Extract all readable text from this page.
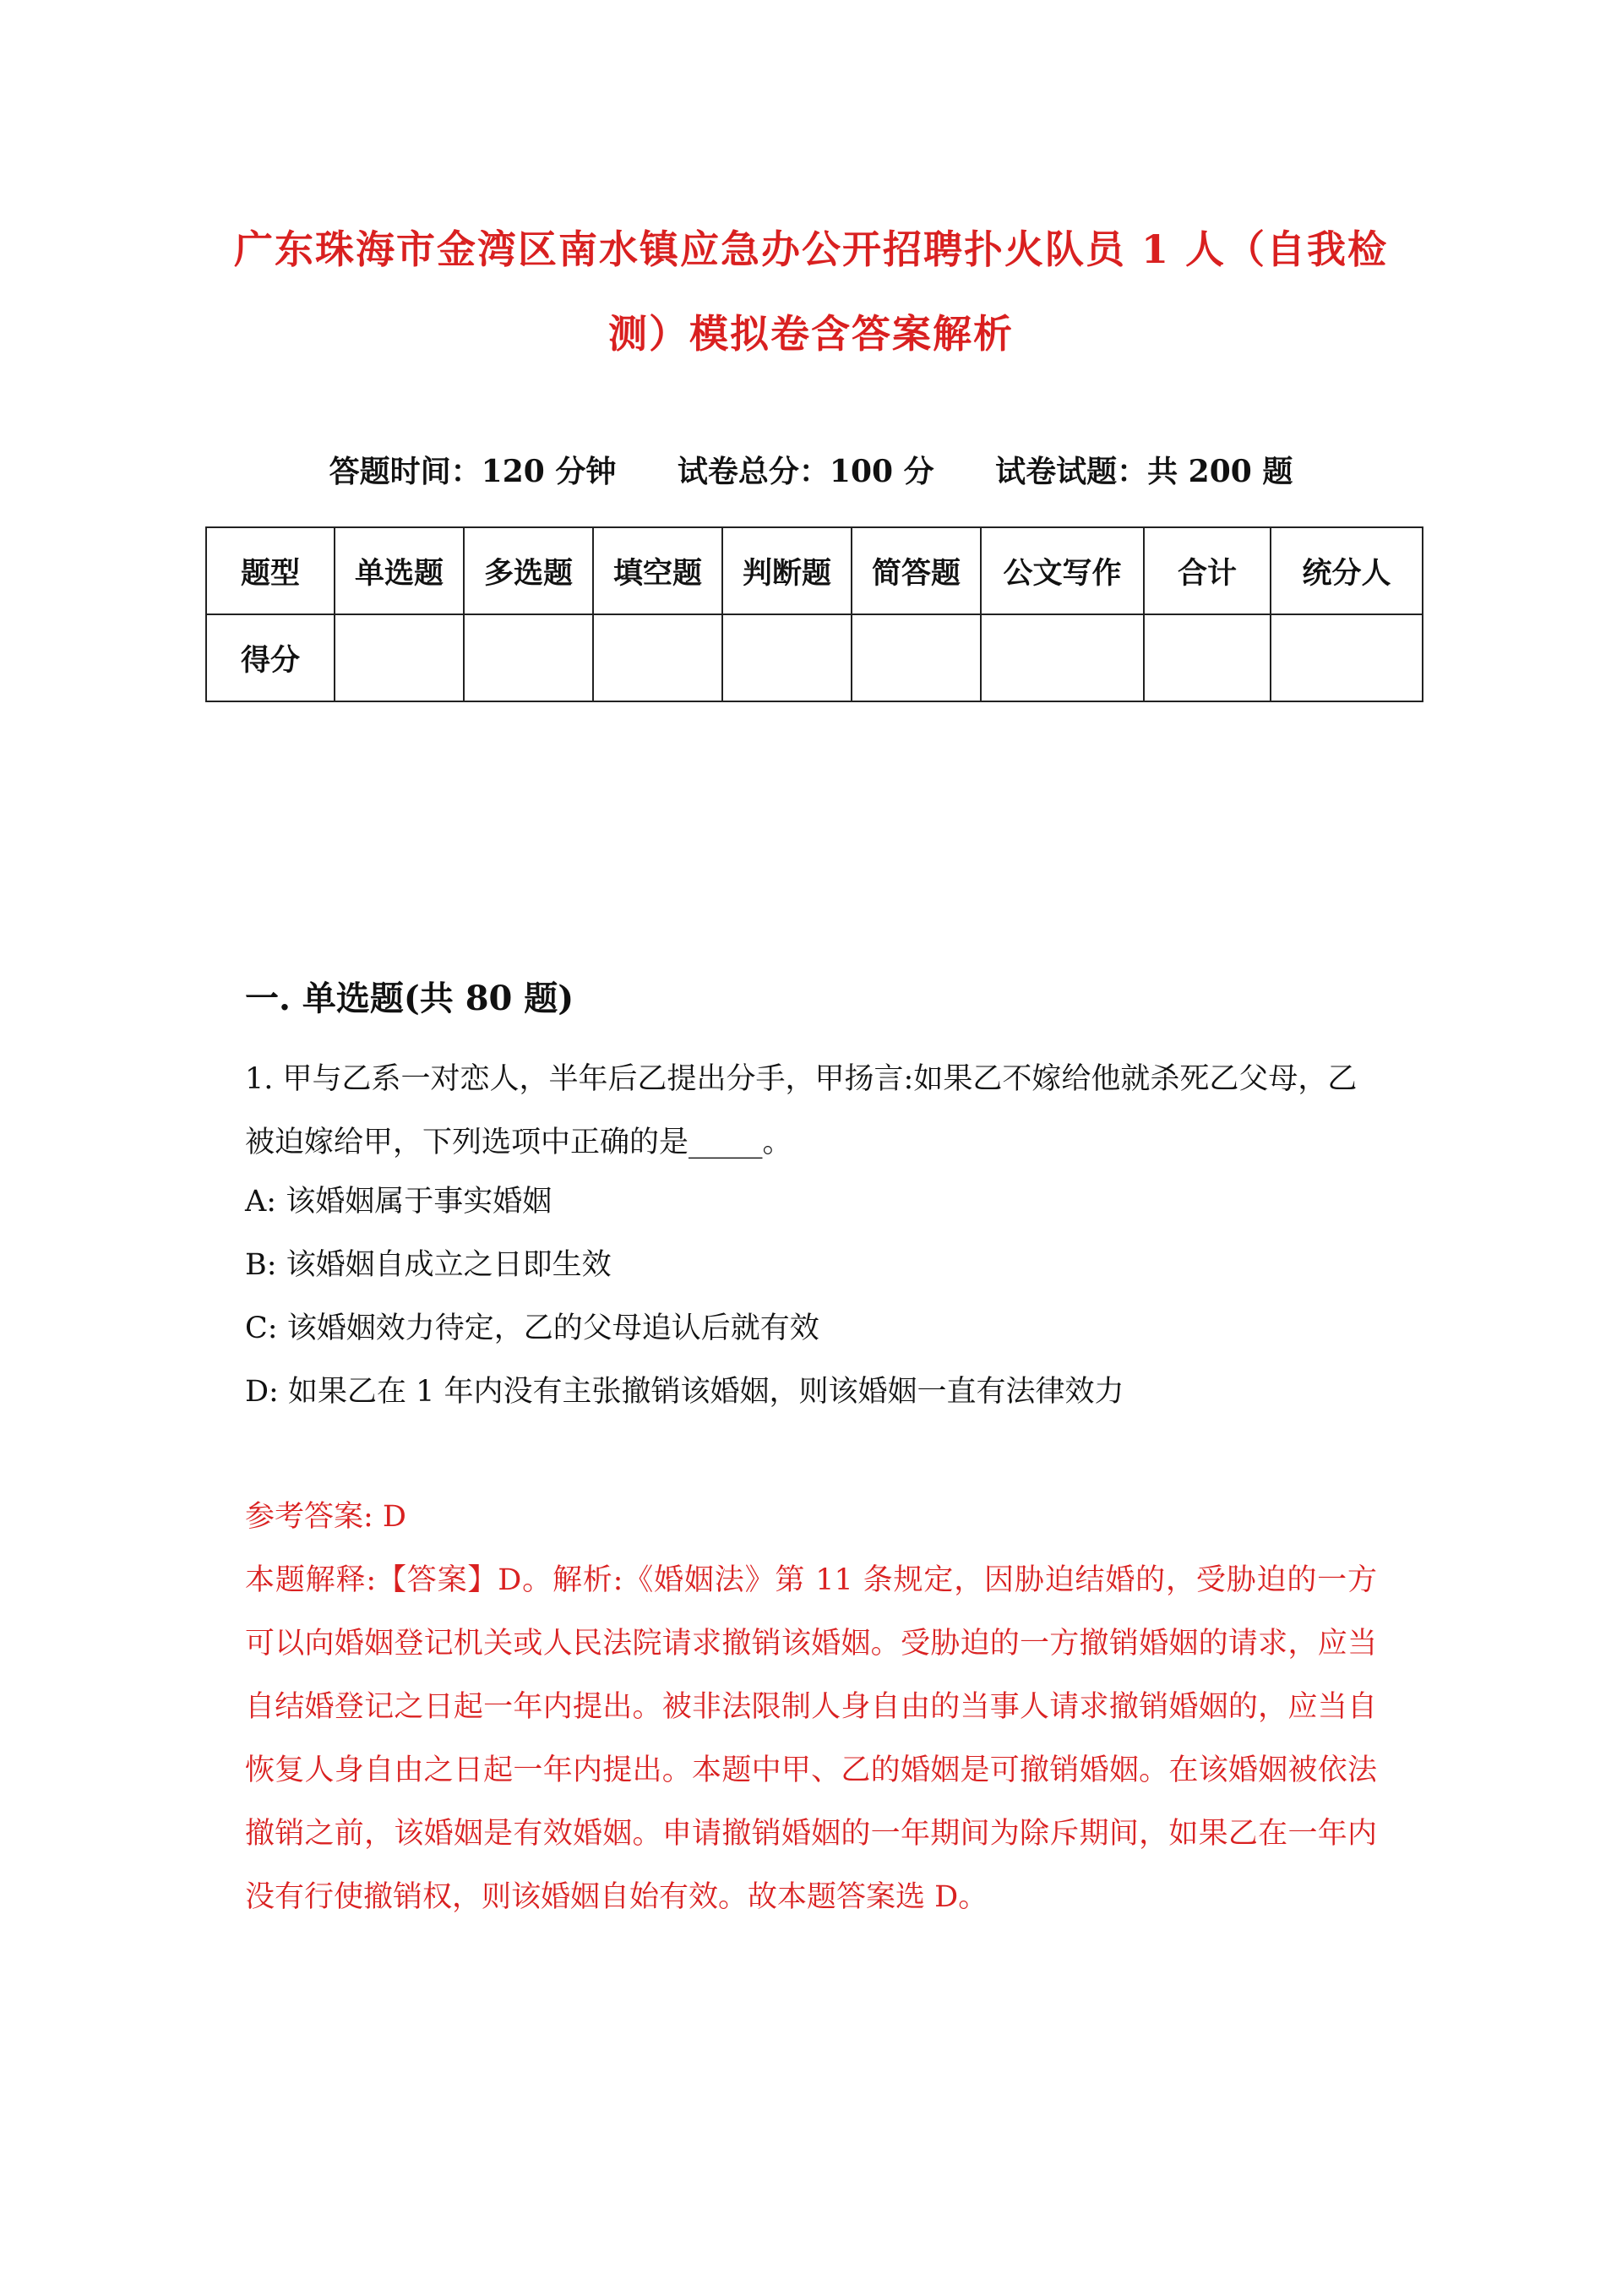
广东珠海市金湾区南水镇应急办公开招聘扑火队员 1 人（自我检
测）模拟卷含答案解析
答题时间：120 分钟 试卷总分：100 分 试卷试题：共 200 题
题型	单选题	多选题	填空题	判断题	简答题	公文写作	合计	统分人
得分								
一. 单选题(共 80 题)
1. 甲与乙系一对恋人，半年后乙提出分手，甲扬言:如果乙不嫁给他就杀死乙父母，乙被迫嫁给甲，下列选项中正确的是_____。
A: 该婚姻属于事实婚姻
B: 该婚姻自成立之日即生效
C: 该婚姻效力待定，乙的父母追认后就有效
D: 如果乙在 1 年内没有主张撤销该婚姻，则该婚姻一直有法律效力
参考答案: D
本题解释:【答案】D。解析:《婚姻法》第 11 条规定，因胁迫结婚的，受胁迫的一方可以向婚姻登记机关或人民法院请求撤销该婚姻。受胁迫的一方撤销婚姻的请求，应当自结婚登记之日起一年内提出。被非法限制人身自由的当事人请求撤销婚姻的，应当自恢复人身自由之日起一年内提出。本题中甲、乙的婚姻是可撤销婚姻。在该婚姻被依法撤销之前，该婚姻是有效婚姻。申请撤销婚姻的一年期间为除斥期间，如果乙在一年内没有行使撤销权，则该婚姻自始有效。故本题答案选 D。
